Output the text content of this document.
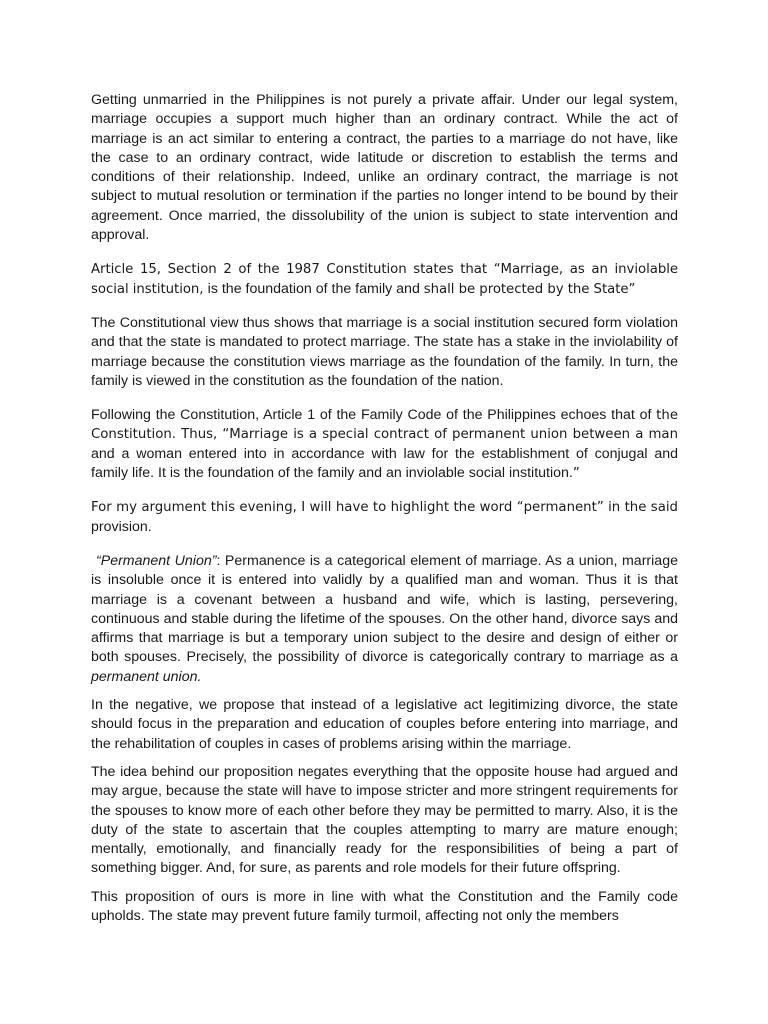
Getting unmarried in the Philippines is not purely a private affair. Under our legal system, marriage occupies a support much higher than an ordinary contract. While the act of marriage is an act similar to entering a contract, the parties to a marriage do not have, like the case to an ordinary contract, wide latitude or discretion to establish the terms and conditions of their relationship. Indeed, unlike an ordinary contract, the marriage is not subject to mutual resolution or termination if the parties no longer intend to be bound by their agreement. Once married, the dissolubility of the union is subject to state intervention and approval.

Article 15, Section 2 of the 1987 Constitution states that “Marriage, as an inviolable social institution, is the foundation of the family and shall be protected by the State”

The Constitutional view thus shows that marriage is a social institution secured form violation and that the state is mandated to protect marriage. The state has a stake in the inviolability of marriage because the constitution views marriage as the foundation of the family. In turn, the family is viewed in the constitution as the foundation of the nation.

Following the Constitution, Article 1 of the Family Code of the Philippines echoes that of the Constitution. Thus, “Marriage is a special contract of permanent union between a man and a woman entered into in accordance with law for the establishment of conjugal and family life. It is the foundation of the family and an inviolable social institution.”

For my argument this evening, I will have to highlight the word “permanent” in the said provision.

“Permanent Union”: Permanence is a categorical element of marriage. As a union, marriage is insoluble once it is entered into validly by a qualified man and woman. Thus it is that marriage is a covenant between a husband and wife, which is lasting, persevering, continuous and stable during the lifetime of the spouses. On the other hand, divorce says and affirms that marriage is but a temporary union subject to the desire and design of either or both spouses. Precisely, the possibility of divorce is categorically contrary to marriage as a permanent union.

In the negative, we propose that instead of a legislative act legitimizing divorce, the state should focus in the preparation and education of couples before entering into marriage, and the rehabilitation of couples in cases of problems arising within the marriage.

The idea behind our proposition negates everything that the opposite house had argued and may argue, because the state will have to impose stricter and more stringent requirements for the spouses to know more of each other before they may be permitted to marry. Also, it is the duty of the state to ascertain that the couples attempting to marry are mature enough; mentally, emotionally, and financially ready for the responsibilities of being a part of something bigger. And, for sure, as parents and role models for their future offspring.

This proposition of ours is more in line with what the Constitution and the Family code upholds. The state may prevent future family turmoil, affecting not only the members
